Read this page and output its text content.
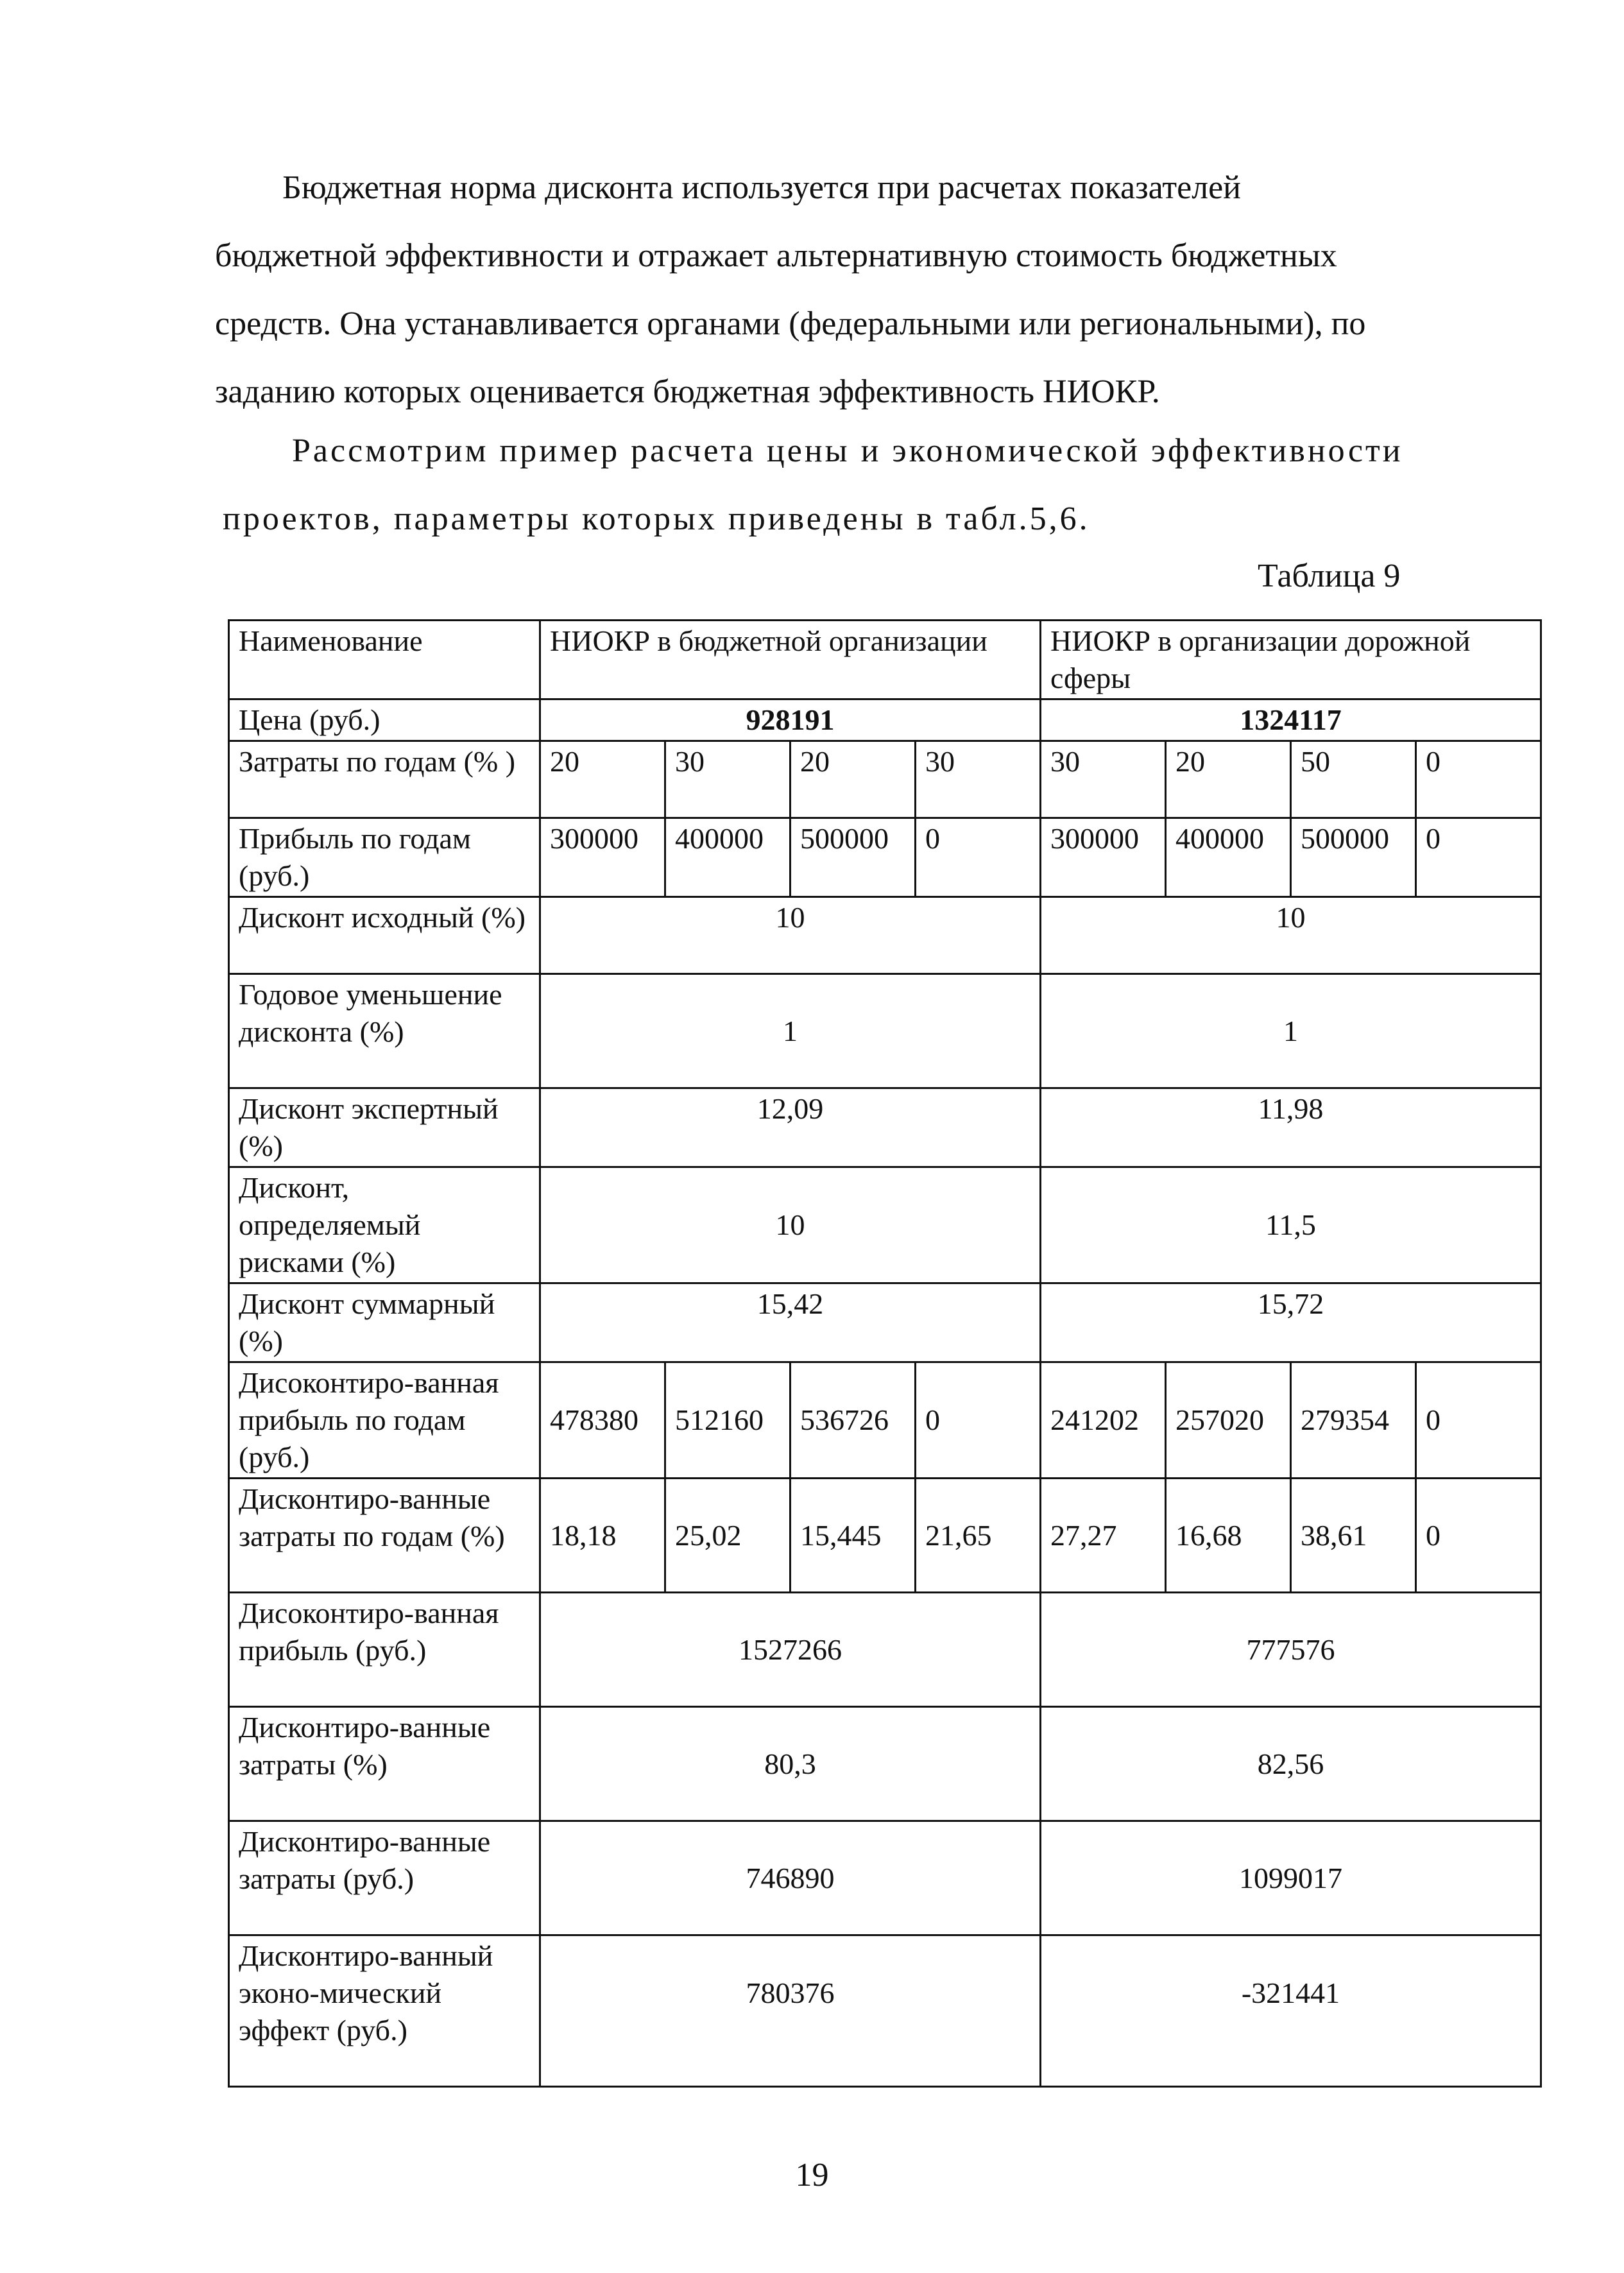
Бюджетная норма дисконта используется при расчетах показателей
бюджетной эффективности и отражает альтернативную стоимость бюджетных
средств. Она устанавливается органами (федеральными или региональными), по
заданию которых оценивается бюджетная эффективность НИОКР.
Рассмотрим пример расчета цены и экономической эффективности
проектов, параметры которых приведены в табл.5,6.
Таблица 9
Наименование	НИОКР в бюджетной организации				НИОКР в организации дорожной сферы			
Цена (руб.)	928191				1324117			
Затраты по годам (% )	20	30	20	30	30	20	50	0
Прибыль по годам (руб.)	300000	400000	500000	0	300000	400000	500000	0
Дисконт исходный (%)	10				10			
Годовое уменьшение дисконта (%)	1				1			
Дисконт экспертный (%)	12,09				11,98			
Дисконт, определяемый рисками (%)	10				11,5			
Дисконт суммарный (%)	15,42				15,72			
Дисоконтиро-ванная прибыль по годам (руб.)	478380	512160	536726	0	241202	257020	279354	0
Дисконтиро-ванные затраты по годам (%)	18,18	25,02	15,445	21,65	27,27	16,68	38,61	0
Дисоконтиро-ванная прибыль (руб.)	1527266				777576			
Дисконтиро-ванные затраты (%)	80,3				82,56			
Дисконтиро-ванные затраты (руб.)	746890				1099017			
Дисконтиро-ванный эконо-мический эффект (руб.)	780376				-321441			
19
